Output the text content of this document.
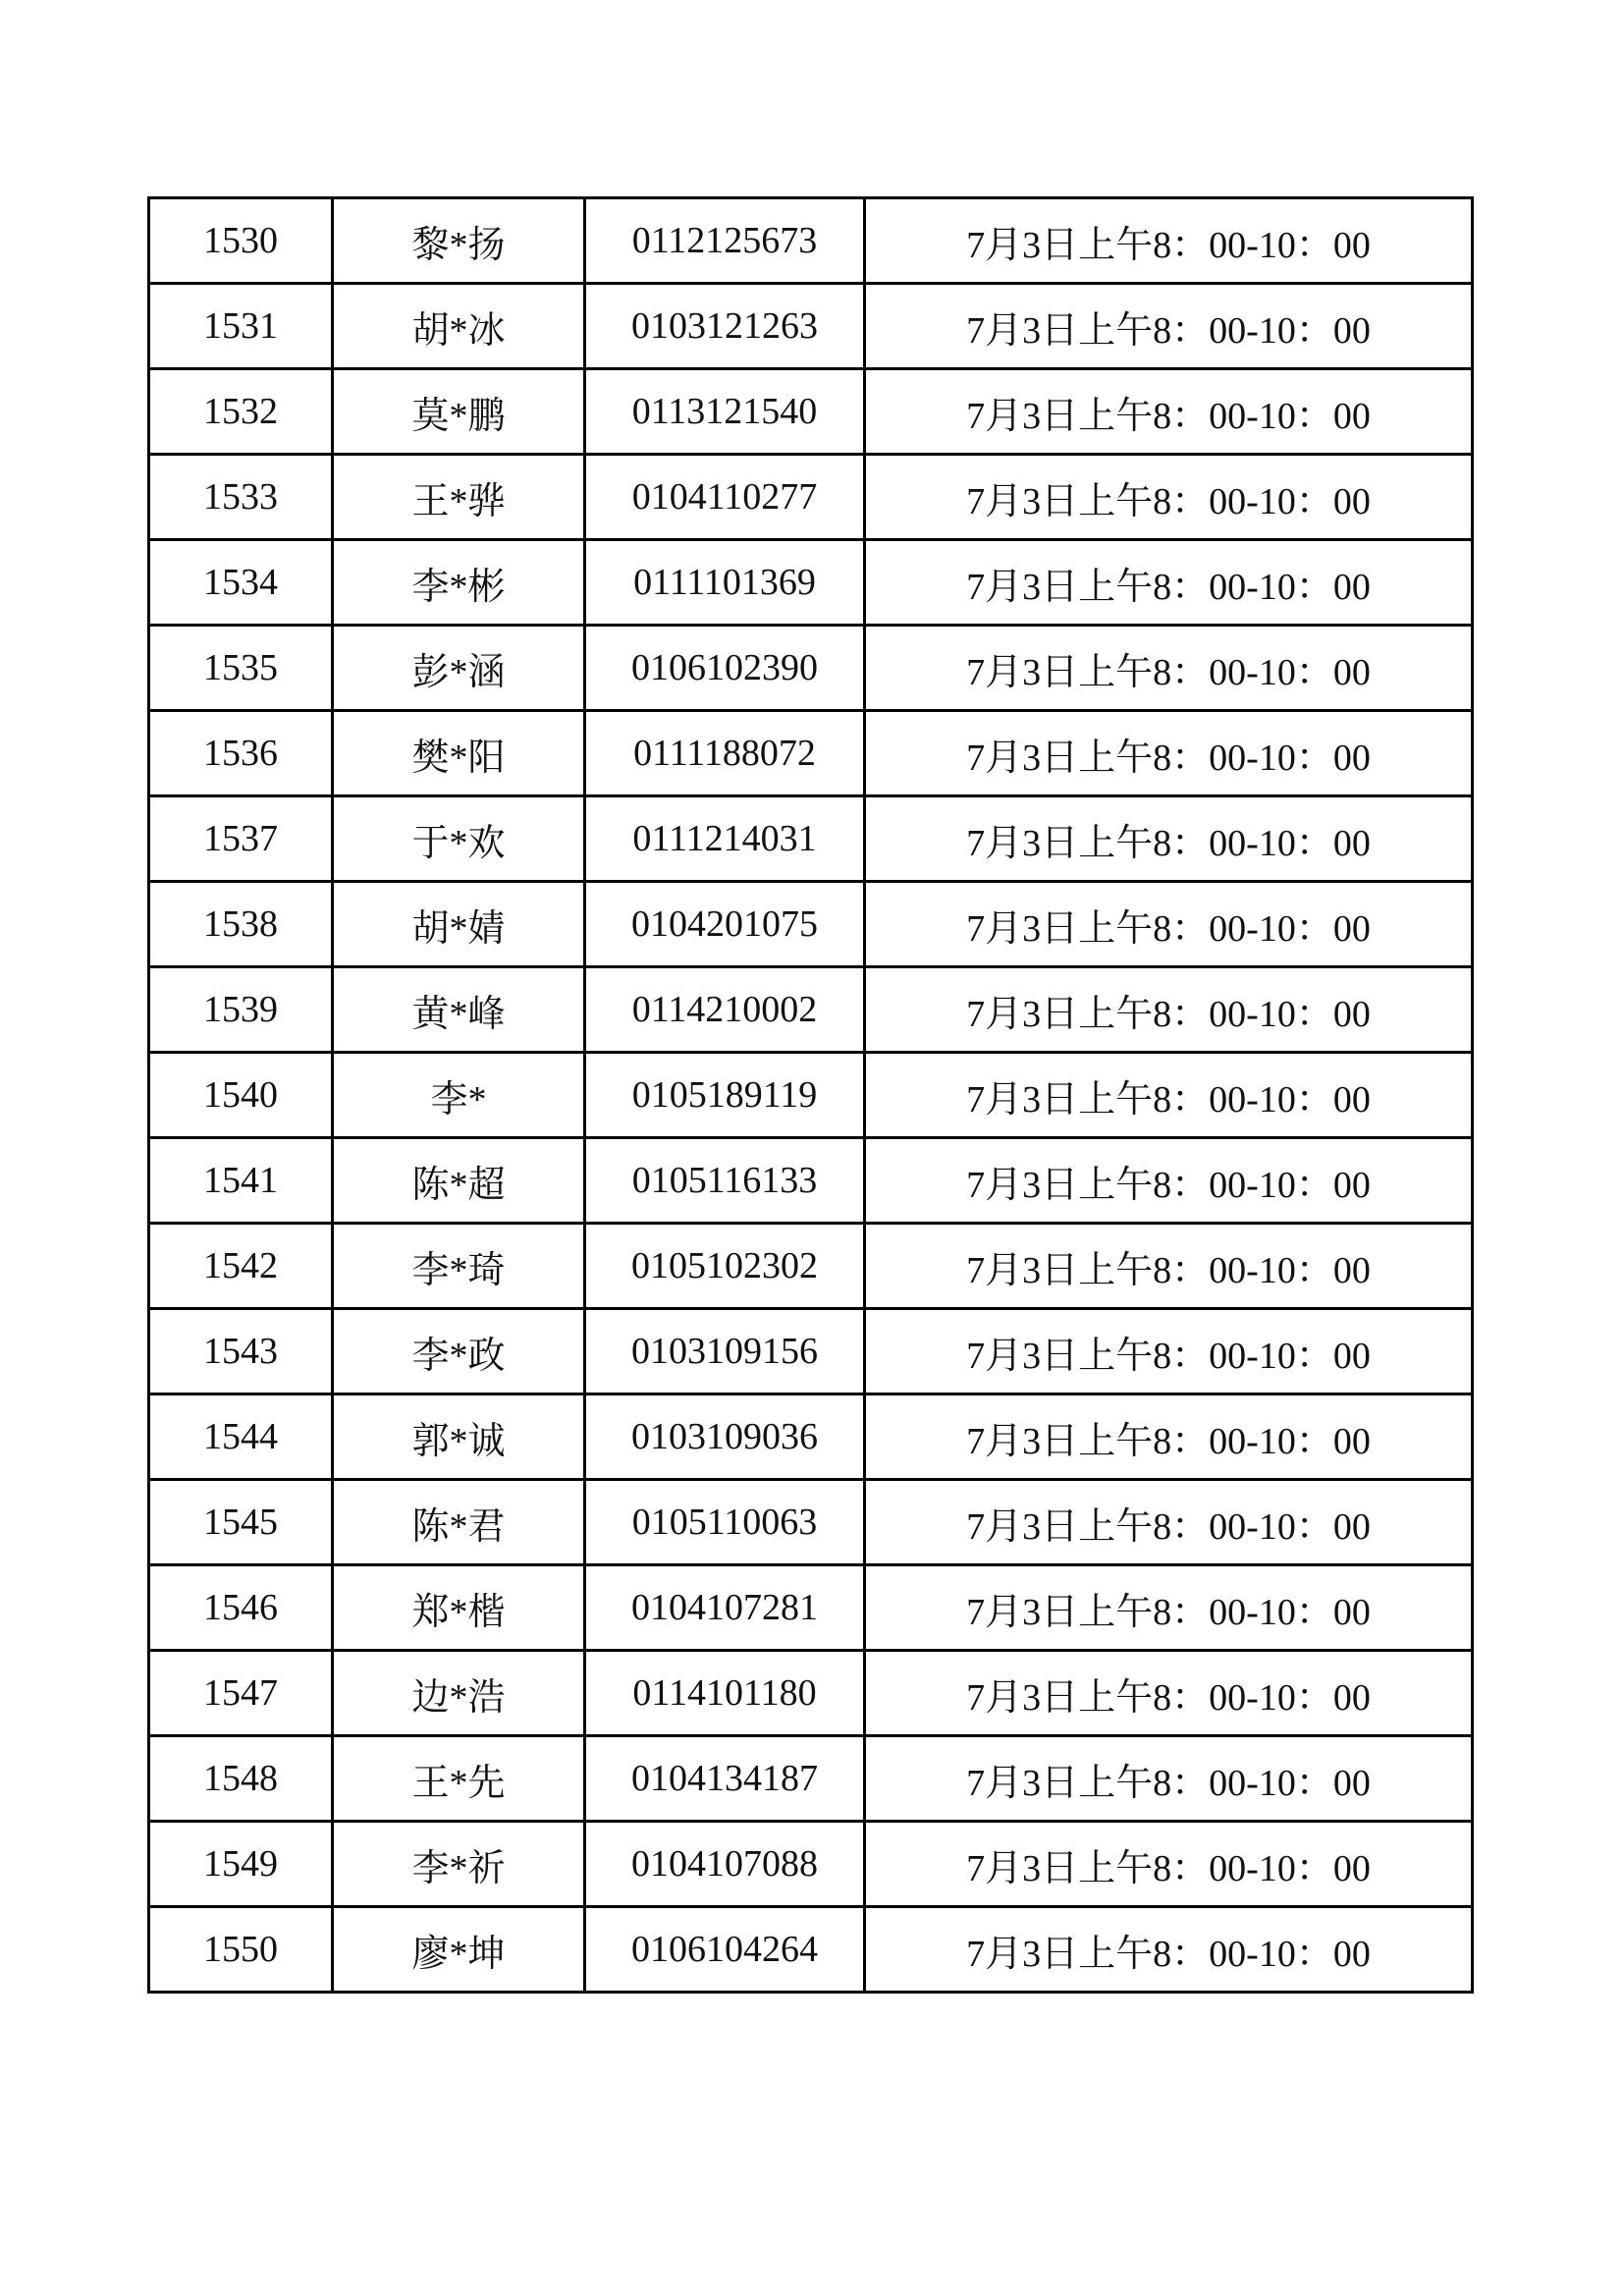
1530	黎*扬	0112125673	7月3日上午8：00-10：00
1531	胡*冰	0103121263	7月3日上午8：00-10：00
1532	莫*鹏	0113121540	7月3日上午8：00-10：00
1533	王*骅	0104110277	7月3日上午8：00-10：00
1534	李*彬	0111101369	7月3日上午8：00-10：00
1535	彭*涵	0106102390	7月3日上午8：00-10：00
1536	樊*阳	0111188072	7月3日上午8：00-10：00
1537	于*欢	0111214031	7月3日上午8：00-10：00
1538	胡*婧	0104201075	7月3日上午8：00-10：00
1539	黄*峰	0114210002	7月3日上午8：00-10：00
1540	李*	0105189119	7月3日上午8：00-10：00
1541	陈*超	0105116133	7月3日上午8：00-10：00
1542	李*琦	0105102302	7月3日上午8：00-10：00
1543	李*政	0103109156	7月3日上午8：00-10：00
1544	郭*诚	0103109036	7月3日上午8：00-10：00
1545	陈*君	0105110063	7月3日上午8：00-10：00
1546	郑*楷	0104107281	7月3日上午8：00-10：00
1547	边*浩	0114101180	7月3日上午8：00-10：00
1548	王*先	0104134187	7月3日上午8：00-10：00
1549	李*祈	0104107088	7月3日上午8：00-10：00
1550	廖*坤	0106104264	7月3日上午8：00-10：00
